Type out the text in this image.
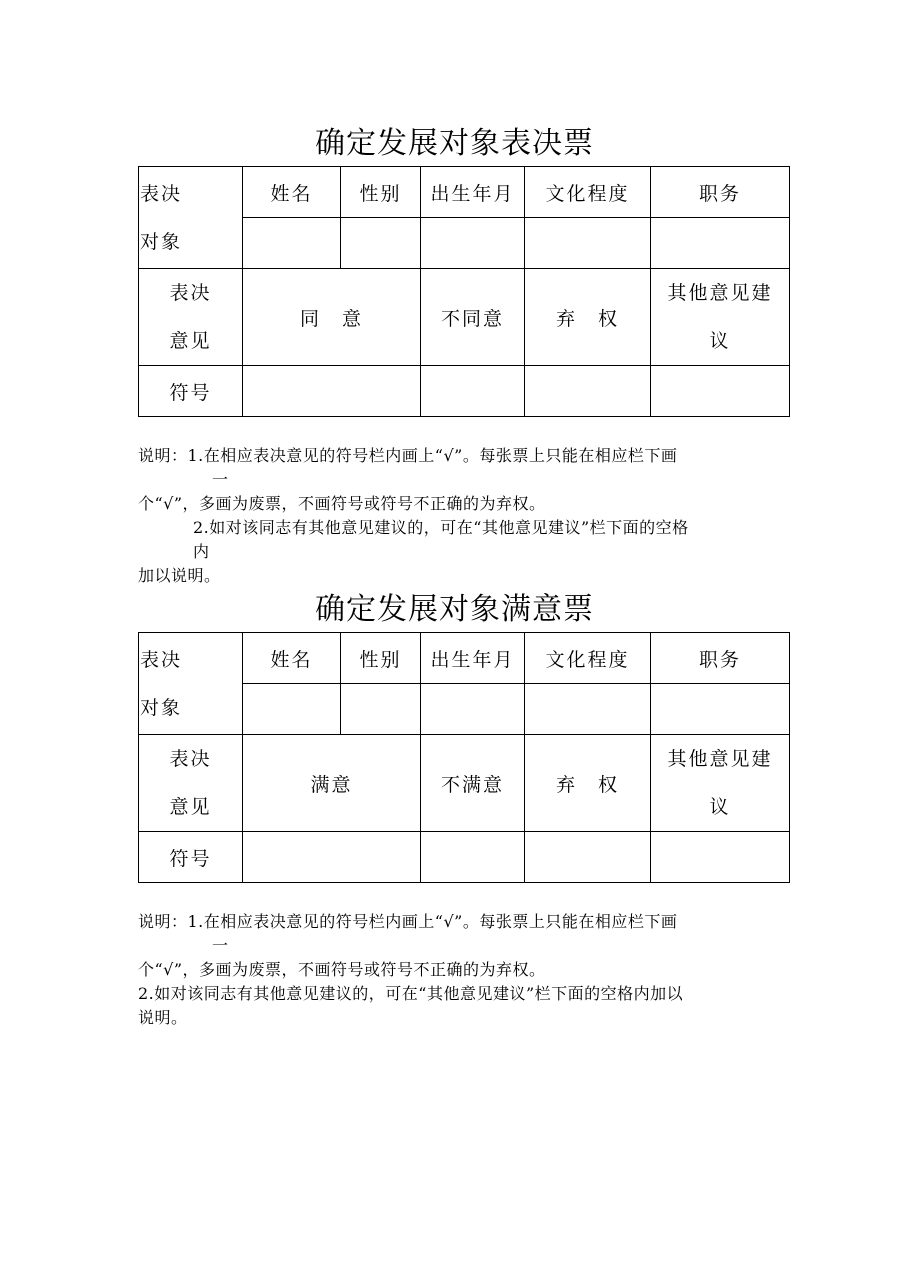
确定发展对象表决票
表决对象	姓名	性别	出生年月	文化程度	职务

表决意见	同　意		不同意	弃　权	其他意见建议
符号					

说明：1.在相应表决意见的符号栏内画上“√”。每张票上只能在相应栏下画

一

个“√”，多画为废票，不画符号或符号不正确的为弃权。

2.如对该同志有其他意见建议的，可在“其他意见建议”栏下面的空格

内

加以说明。

确定发展对象满意票
表决对象	姓名	性别	出生年月	文化程度	职务

表决意见	满意		不满意	弃　权	其他意见建议
符号					

说明：1.在相应表决意见的符号栏内画上“√”。每张票上只能在相应栏下画

一

个“√”，多画为废票，不画符号或符号不正确的为弃权。

2.如对该同志有其他意见建议的，可在“其他意见建议”栏下面的空格内加以

说明。
